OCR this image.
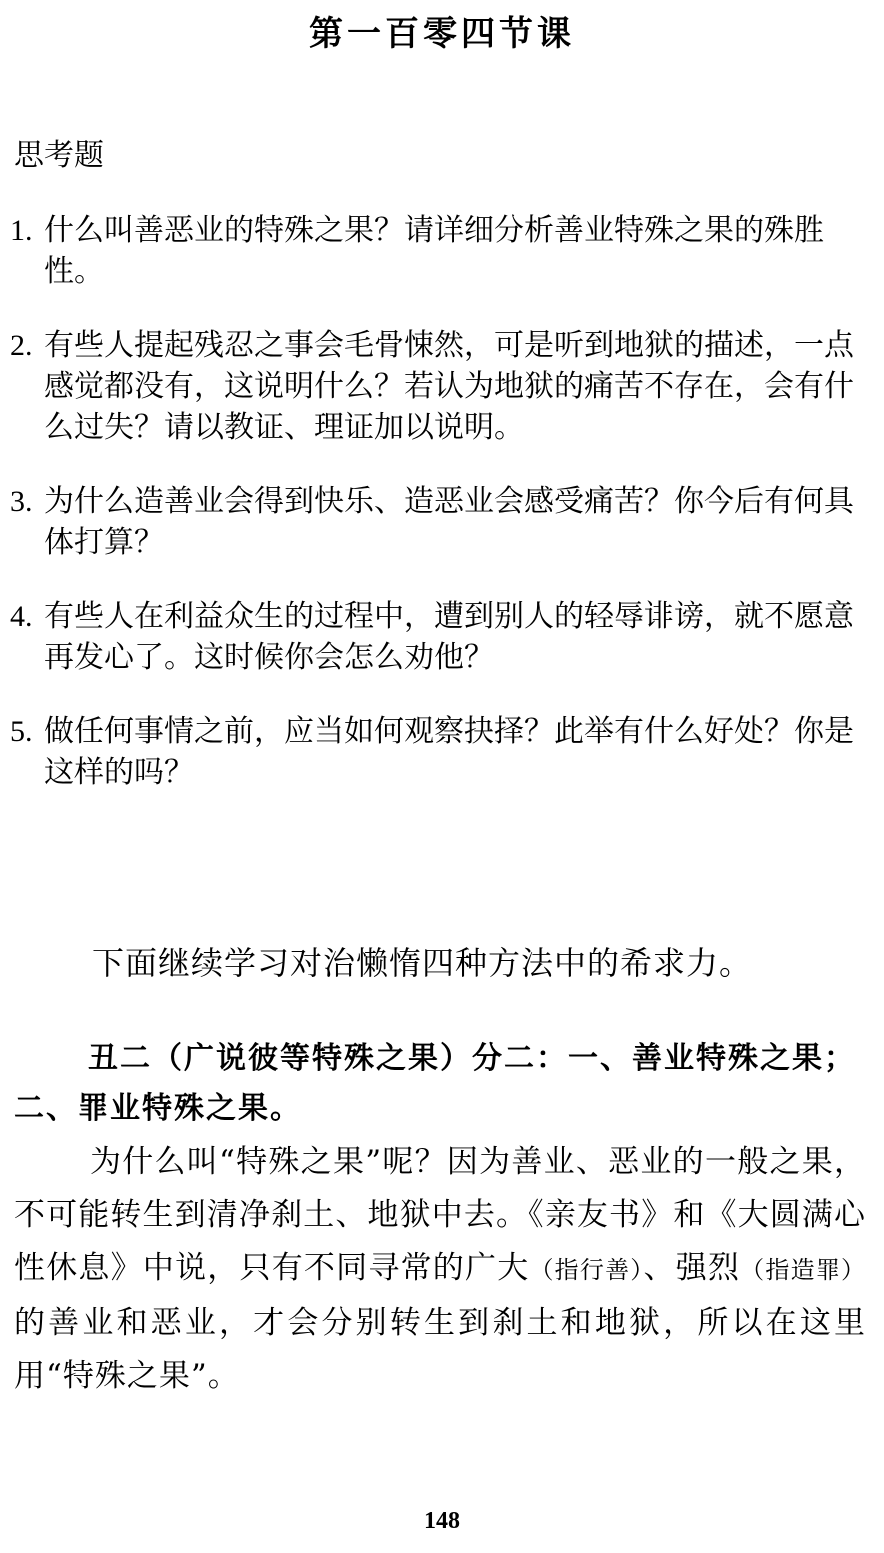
第一百零四节课
思考题
1. 什么叫善恶业的特殊之果？请详细分析善业特殊之果的殊胜性。
2. 有些人提起残忍之事会毛骨悚然，可是听到地狱的描述，一点感觉都没有，这说明什么？若认为地狱的痛苦不存在，会有什么过失？请以教证、理证加以说明。
3. 为什么造善业会得到快乐、造恶业会感受痛苦？你今后有何具体打算？
4. 有些人在利益众生的过程中，遭到别人的轻辱诽谤，就不愿意再发心了。这时候你会怎么劝他？
5. 做任何事情之前，应当如何观察抉择？此举有什么好处？你是这样的吗？

下面继续学习对治懒惰四种方法中的希求力。

丑二（广说彼等特殊之果）分二：一、善业特殊之果；二、罪业特殊之果。

为什么叫“特殊之果”呢？因为善业、恶业的一般之果，不可能转生到清净刹土、地狱中去。《亲友书》和《大圆满心性休息》中说，只有不同寻常的广大（指行善）、强烈（指造罪）的善业和恶业，才会分别转生到刹土和地狱，所以在这里用“特殊之果”。

148
